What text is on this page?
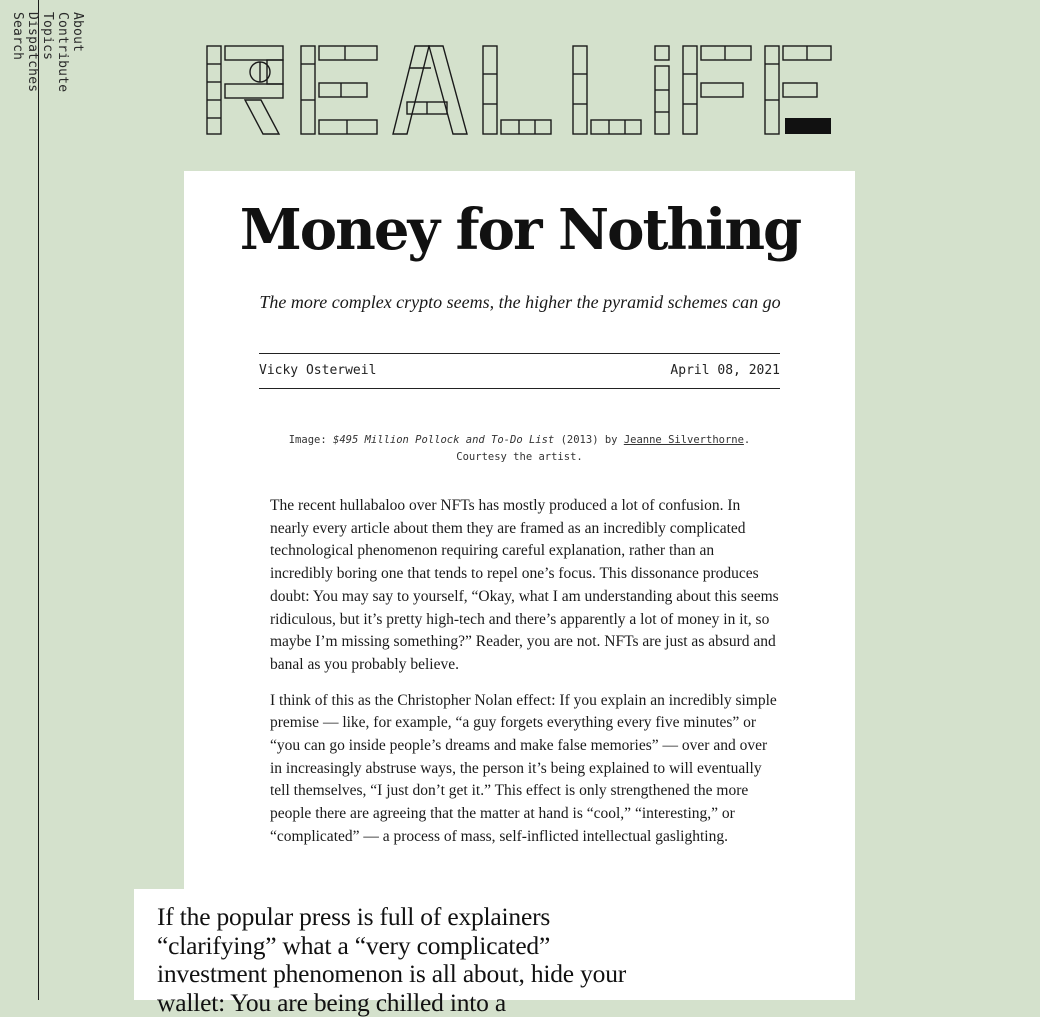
About
Contribute
Topics
Dispatches
Search
Money for Nothing
The more complex crypto seems, the higher the pyramid schemes can go
Vicky Osterweil	April 08, 2021
Image: $495 Million Pollock and To-Do List (2013) by Jeanne Silverthorne.
Courtesy the artist.

The recent hullabaloo over NFTs has mostly produced a lot of confusion. In nearly every article about them they are framed as an incredibly complicated technological phenomenon requiring careful explanation, rather than an incredibly boring one that tends to repel one’s focus. This dissonance produces doubt: You may say to yourself, “Okay, what I am understanding about this seems ridiculous, but it’s pretty high-tech and there’s apparently a lot of money in it, so maybe I’m missing something?” Reader, you are not. NFTs are just as absurd and banal as you probably believe.

I think of this as the Christopher Nolan effect: If you explain an incredibly simple premise — like, for example, “a guy forgets everything every five minutes” or “you can go inside people’s dreams and make false memories” — over and over in increasingly abstruse ways, the person it’s being explained to will eventually tell themselves, “I just don’t get it.” This effect is only strengthened the more people there are agreeing that the matter at hand is “cool,” “interesting,” or “complicated” — a process of mass, self-inflicted intellectual gaslighting.

If the popular press is full of explainers “clarifying” what a “very complicated” investment phenomenon is all about, hide your wallet: You are being chilled into a
